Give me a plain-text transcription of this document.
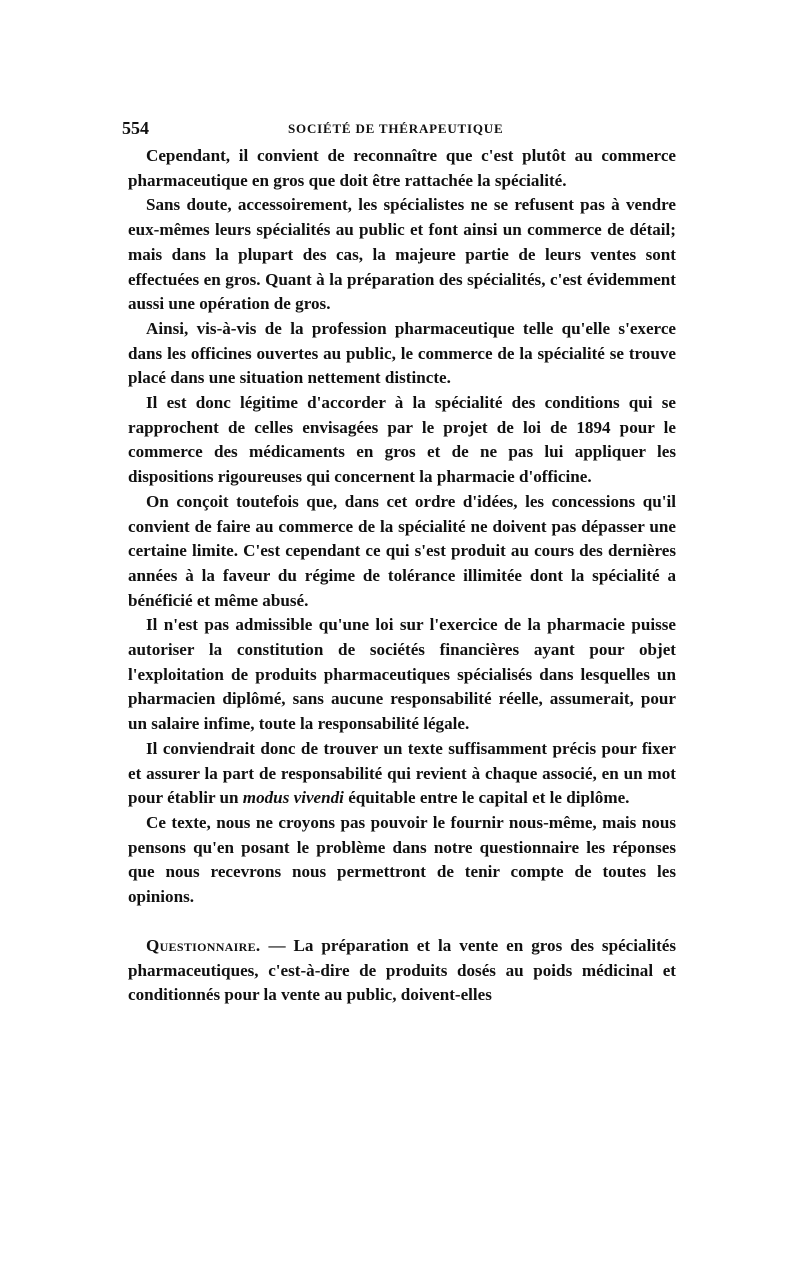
554	SOCIÉTÉ DE THÉRAPEUTIQUE

Cependant, il convient de reconnaître que c'est plutôt au commerce pharmaceutique en gros que doit être rattachée la spécialité.

Sans doute, accessoirement, les spécialistes ne se refusent pas à vendre eux-mêmes leurs spécialités au public et font ainsi un commerce de détail; mais dans la plupart des cas, la majeure partie de leurs ventes sont effectuées en gros. Quant à la préparation des spécialités, c'est évidemment aussi une opération de gros.

Ainsi, vis-à-vis de la profession pharmaceutique telle qu'elle s'exerce dans les officines ouvertes au public, le commerce de la spécialité se trouve placé dans une situation nettement distincte.

Il est donc légitime d'accorder à la spécialité des conditions qui se rapprochent de celles envisagées par le projet de loi de 1894 pour le commerce des médicaments en gros et de ne pas lui appliquer les dispositions rigoureuses qui concernent la pharmacie d'officine.

On conçoit toutefois que, dans cet ordre d'idées, les concessions qu'il convient de faire au commerce de la spécialité ne doivent pas dépasser une certaine limite. C'est cependant ce qui s'est produit au cours des dernières années à la faveur du régime de tolérance illimitée dont la spécialité a bénéficié et même abusé.

Il n'est pas admissible qu'une loi sur l'exercice de la pharmacie puisse autoriser la constitution de sociétés financières ayant pour objet l'exploitation de produits pharmaceutiques spécialisés dans lesquelles un pharmacien diplômé, sans aucune responsabilité réelle, assumerait, pour un salaire infime, toute la responsabilité légale.

Il conviendrait donc de trouver un texte suffisamment précis pour fixer et assurer la part de responsabilité qui revient à chaque associé, en un mot pour établir un modus vivendi équitable entre le capital et le diplôme.

Ce texte, nous ne croyons pas pouvoir le fournir nous-même, mais nous pensons qu'en posant le problème dans notre questionnaire les réponses que nous recevrons nous permettront de tenir compte de toutes les opinions.

Questionnaire. — La préparation et la vente en gros des spécialités pharmaceutiques, c'est-à-dire de produits dosés au poids médicinal et conditionnés pour la vente au public, doivent-elles
